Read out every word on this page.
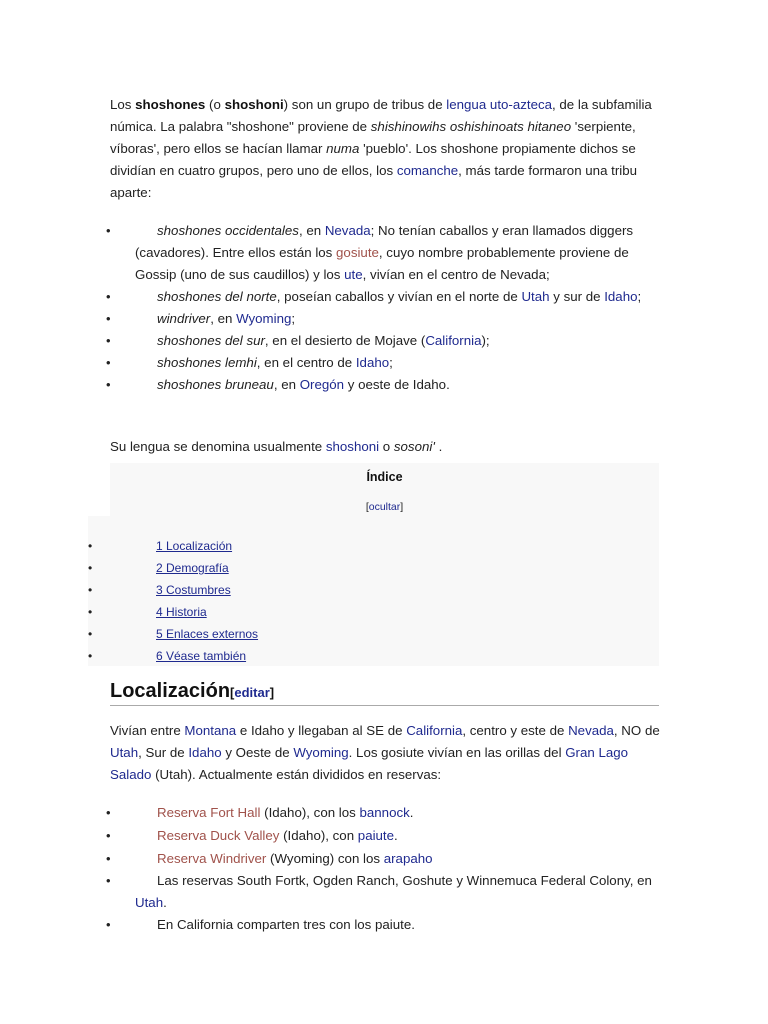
Los shoshones (o shoshoni) son un grupo de tribus de lengua uto-azteca, de la subfamilia númica. La palabra "shoshone" proviene de shishinowihs oshishinoats hitaneo 'serpiente, víboras', pero ellos se hacían llamar numa 'pueblo'. Los shoshone propiamente dichos se dividían en cuatro grupos, pero uno de ellos, los comanche, más tarde formaron una tribu aparte:

•	shoshones occidentales, en Nevada; No tenían caballos y eran llamados diggers (cavadores). Entre ellos están los gosiute, cuyo nombre probablemente proviene de Gossip (uno de sus caudillos) y los ute, vivían en el centro de Nevada;
•	shoshones del norte, poseían caballos y vivían en el norte de Utah y sur de Idaho;
•	windriver, en Wyoming;
•	shoshones del sur, en el desierto de Mojave (California);
•	shoshones lemhi, en el centro de Idaho;
•	shoshones bruneau, en Oregón y oeste de Idaho.

Su lengua se denomina usualmente shoshoni o sosoni' .

Índice
[ocultar]
•	1 Localización
•	2 Demografía
•	3 Costumbres
•	4 Historia
•	5 Enlaces externos
•	6 Véase también
Localización[editar]

Vivían entre Montana e Idaho y llegaban al SE de California, centro y este de Nevada, NO de Utah, Sur de Idaho y Oeste de Wyoming. Los gosiute vivían en las orillas del Gran Lago Salado (Utah). Actualmente están divididos en reservas:

•	Reserva Fort Hall (Idaho), con los bannock.
•	Reserva Duck Valley (Idaho), con paiute.
•	Reserva Windriver (Wyoming) con los arapaho
•	Las reservas South Fortk, Ogden Ranch, Goshute y Winnemuca Federal Colony, en Utah.
•	En California comparten tres con los paiute.
